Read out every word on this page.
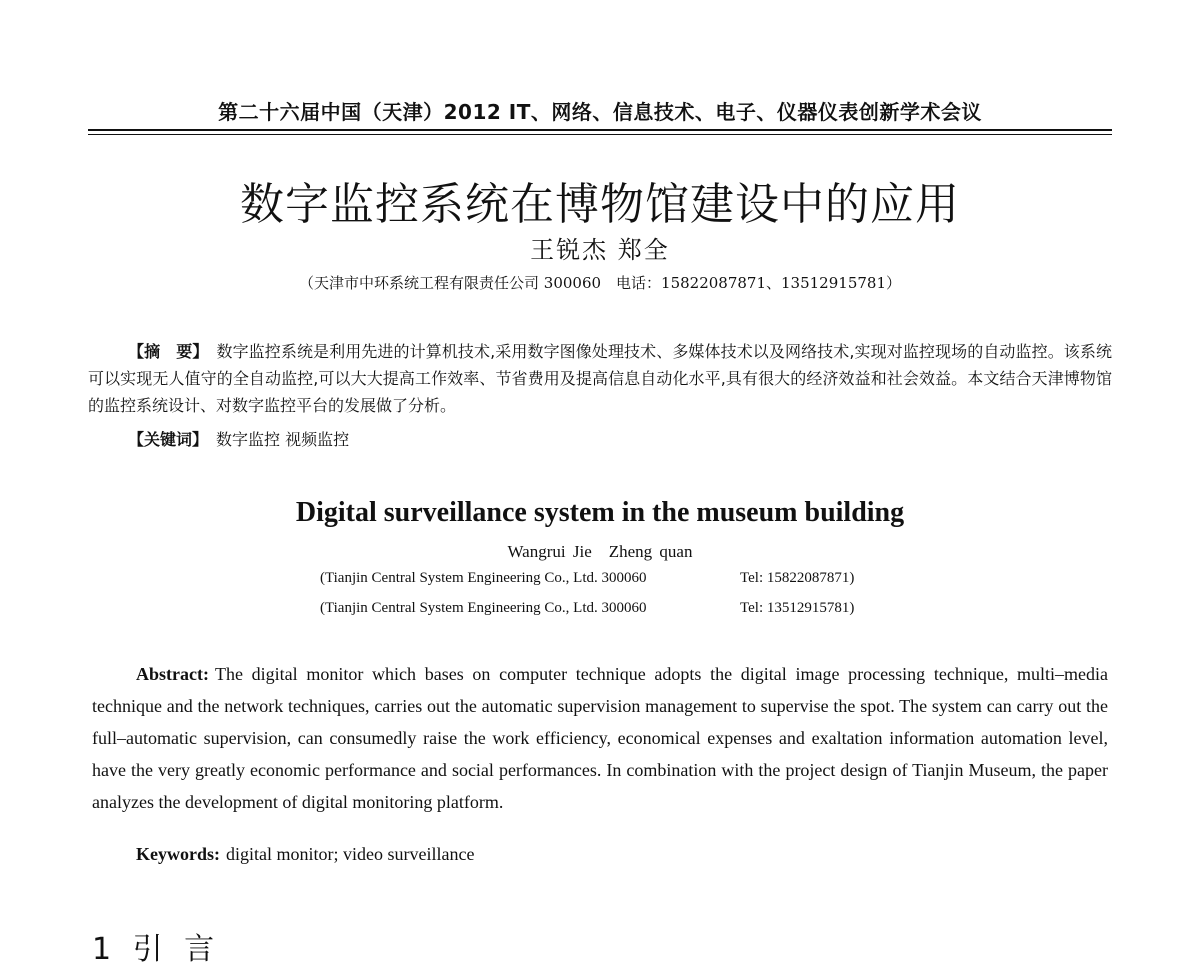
第二十六届中国（天津）2012 IT、网络、信息技术、电子、仪器仪表创新学术会议
数字监控系统在博物馆建设中的应用
王锐杰 郑全
（天津市中环系统工程有限责任公司 300060　电话：15822087871、13512915781）
【摘　要】 数字监控系统是利用先进的计算机技术,采用数字图像处理技术、多媒体技术以及网络技术,实现对监控现场的自动监控。该系统可以实现无人值守的全自动监控,可以大大提高工作效率、节省费用及提高信息自动化水平,具有很大的经济效益和社会效益。本文结合天津博物馆的监控系统设计、对数字监控平台的发展做了分析。
【关键词】 数字监控 视频监控
Digital surveillance system in the museum building
Wangrui Jie　Zheng quan
(Tianjin Central System Engineering Co., Ltd. 300060	Tel: 15822087871)
(Tianjin Central System Engineering Co., Ltd. 300060	Tel: 13512915781)
Abstract: The digital monitor which bases on computer technique adopts the digital image processing technique, multi–media technique and the network techniques, carries out the automatic supervision management to supervise the spot. The system can carry out the full–automatic supervision, can consumedly raise the work efficiency, economical expenses and exaltation information automation level, have the very greatly economic performance and social performances. In combination with the project design of Tianjin Museum, the paper analyzes the development of digital monitoring platform.
Keywords: digital monitor; video surveillance
1 引 言
